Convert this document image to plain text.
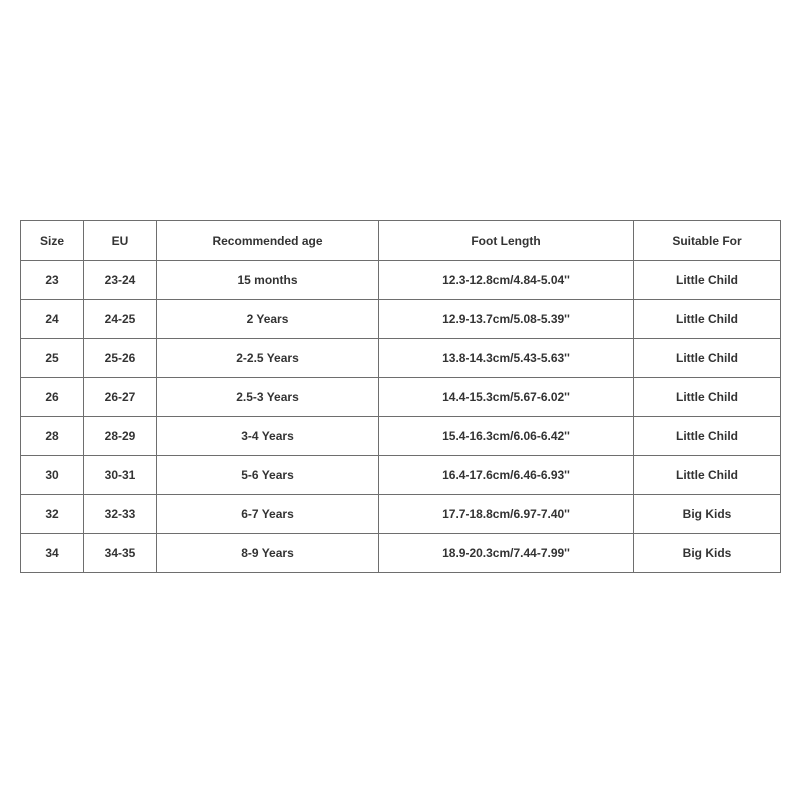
Size	EU	Recommended age	Foot Length	Suitable For
23	23-24	15 months	12.3-12.8cm/4.84-5.04''	Little Child
24	24-25	2 Years	12.9-13.7cm/5.08-5.39''	Little Child
25	25-26	2-2.5 Years	13.8-14.3cm/5.43-5.63''	Little Child
26	26-27	2.5-3 Years	14.4-15.3cm/5.67-6.02''	Little Child
28	28-29	3-4 Years	15.4-16.3cm/6.06-6.42''	Little Child
30	30-31	5-6 Years	16.4-17.6cm/6.46-6.93''	Little Child
32	32-33	6-7 Years	17.7-18.8cm/6.97-7.40''	Big Kids
34	34-35	8-9 Years	18.9-20.3cm/7.44-7.99''	Big Kids
